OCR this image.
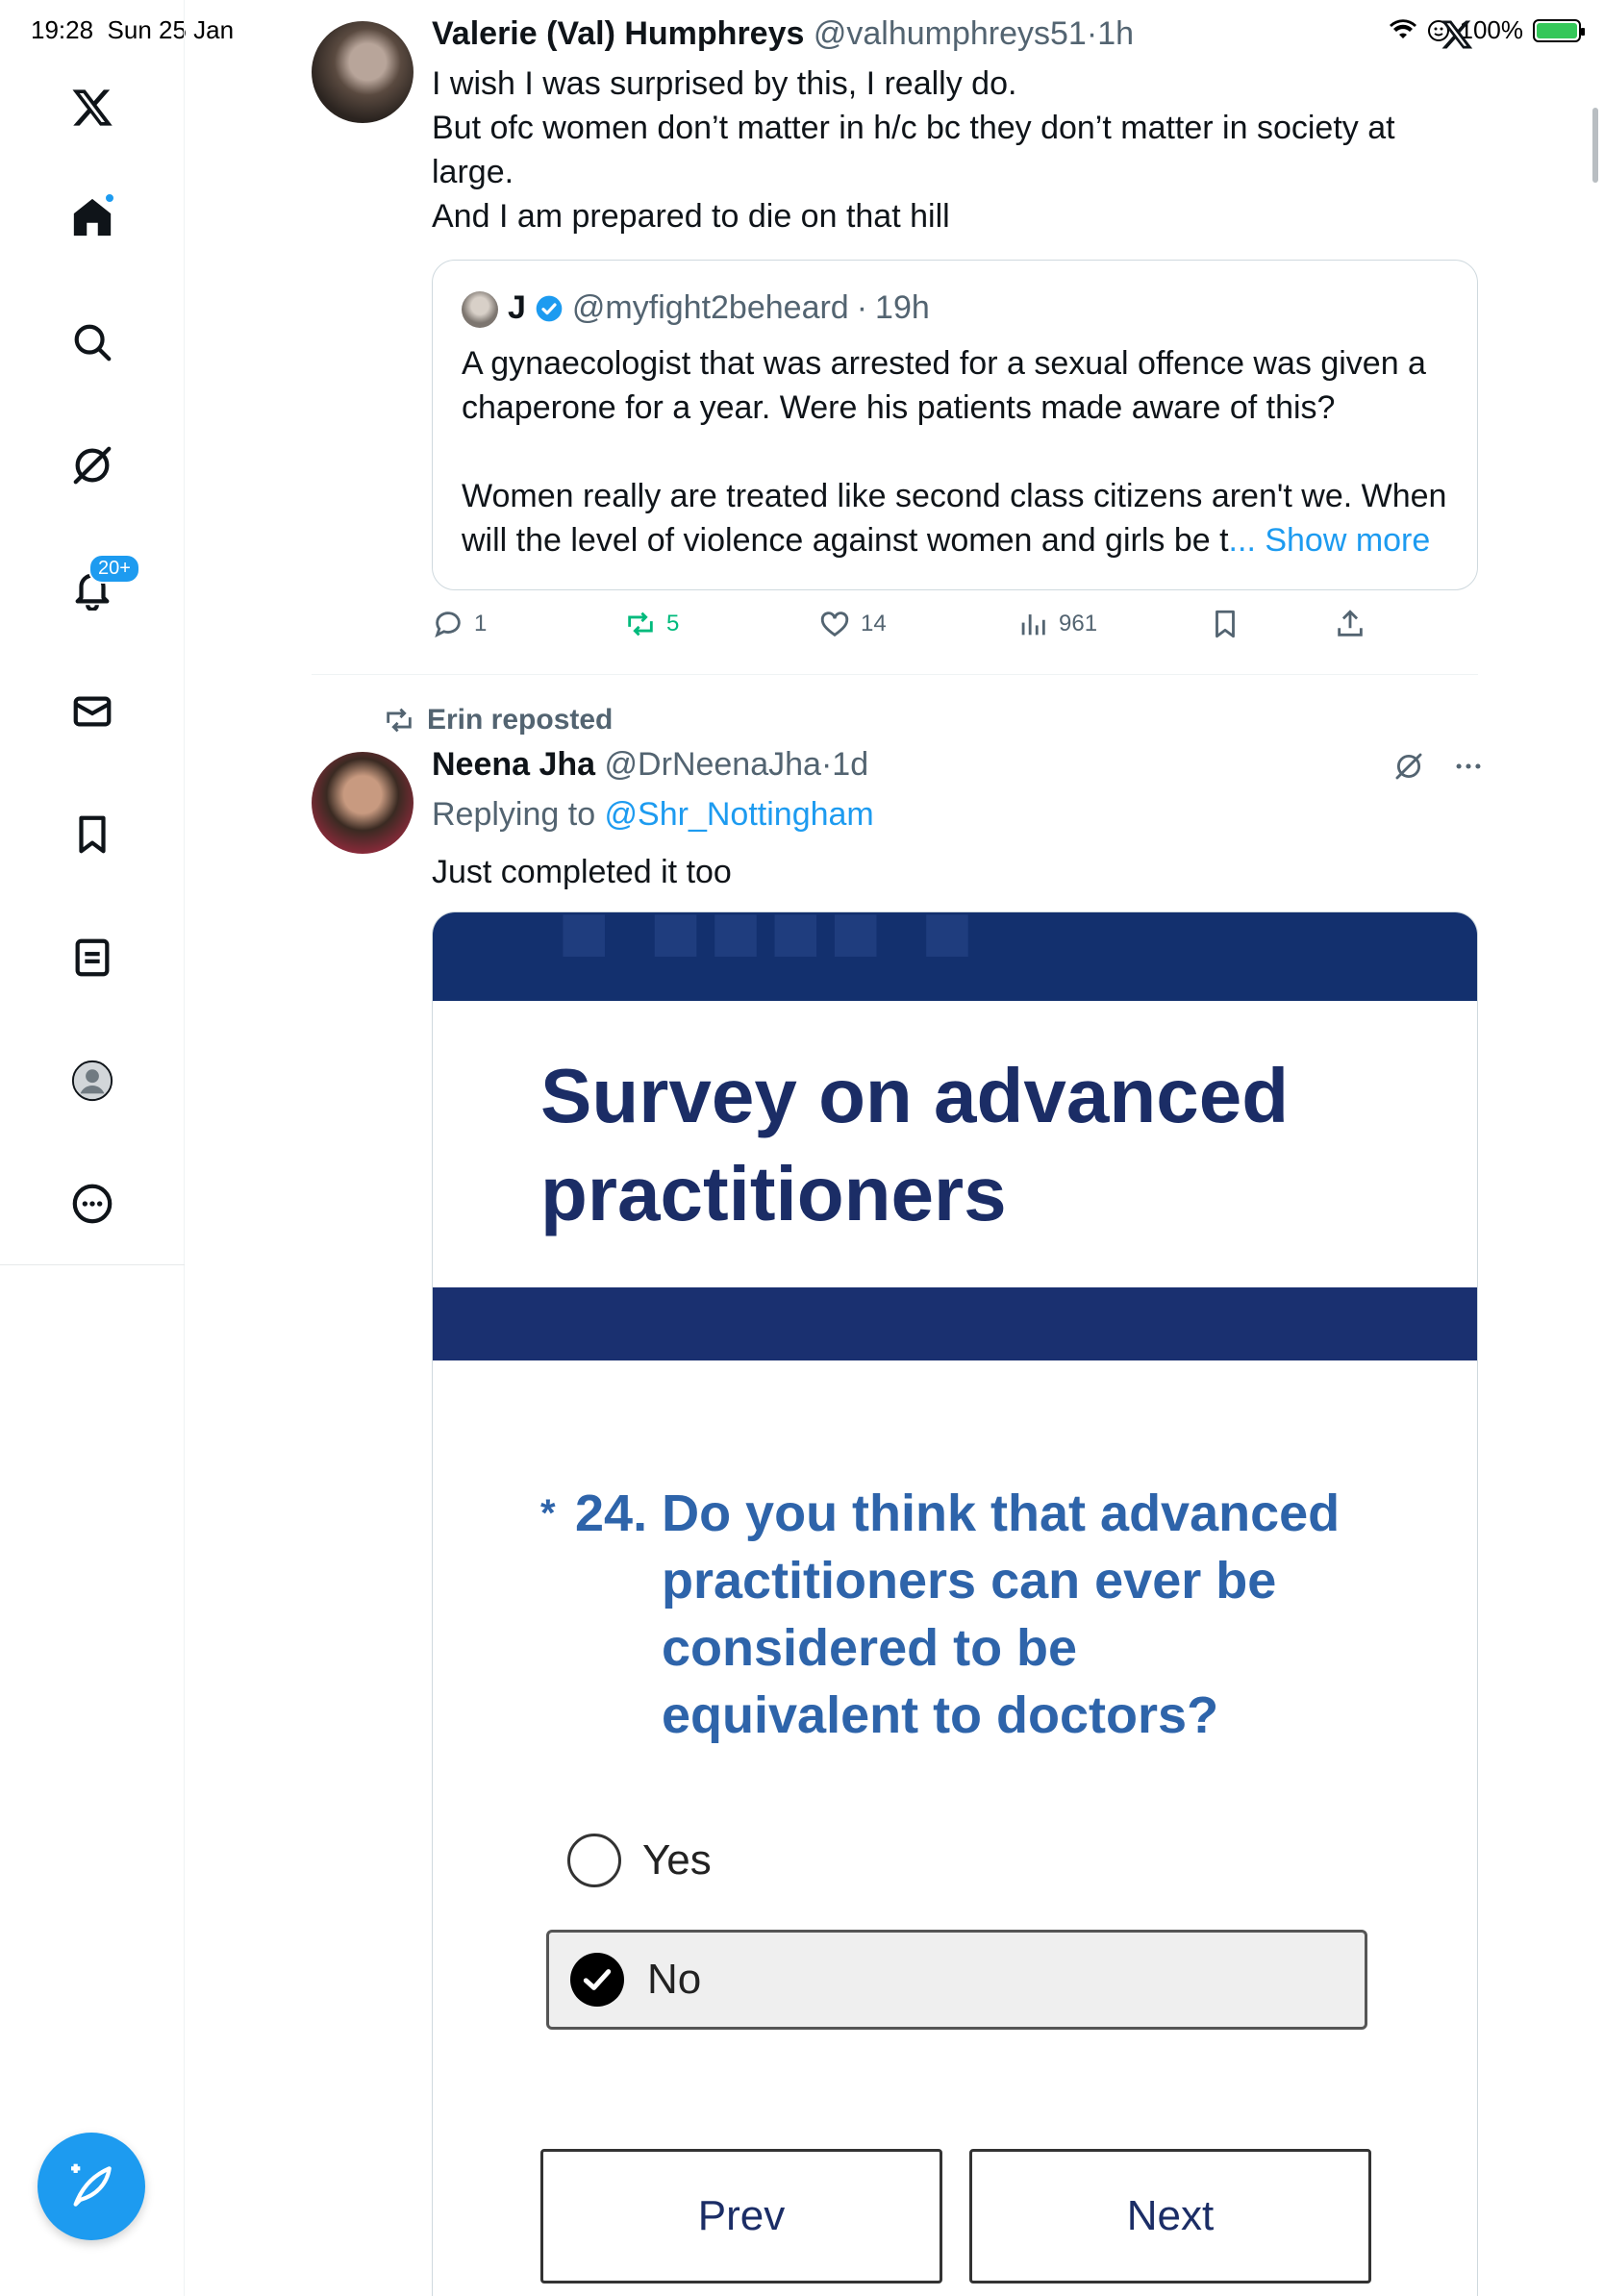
19:28 Sun 25 Jan	100%
20+
Valerie (Val) Humphreys @valhumphreys51·1h
I wish I was surprised by this, I really do.
But ofc women don’t matter in h/c bc they don’t matter in society at large.
And I am prepared to die on that hill
J @myfight2beheard · 19h
A gynaecologist that was arrested for a sexual offence was given a chaperone for a year. Were his patients made aware of this?
Women really are treated like second class citizens aren't we. When will the level of violence against women and girls be t... Show more
1	5	14	961
Erin reposted
Neena Jha @DrNeenaJha·1d
Replying to @Shr_Nottingham
Just completed it too
■ ■■■■ ■
Survey on advanced practitioners
* 24. Do you think that advanced
practitioners can ever be
considered to be
equivalent to doctors?
Yes
No
Prev	Next
